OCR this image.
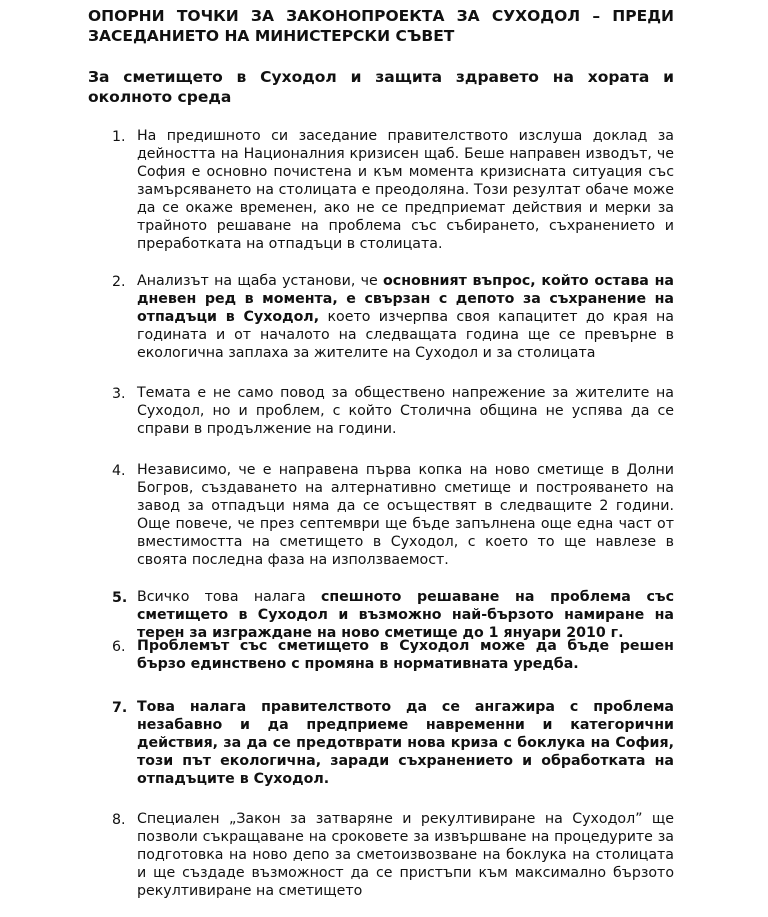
ОПОРНИ ТОЧКИ ЗА ЗАКОНОПРОЕКТА ЗА СУХОДОЛ – ПРЕДИ ЗАСЕДАНИЕТО НА МИНИСТЕРСКИ СЪВЕТ
За сметището в Суходол и защита здравето на хората и околното среда
1. На предишното си заседание правителството изслуша доклад за дейността на Националния кризисен щаб. Беше направен изводът, че София е основно почистена и към момента кризисната ситуация със замърсяването на столицата е преодоляна. Този резултат обаче може да се окаже временен, ако не се предприемат действия и мерки за трайното решаване на проблема със събирането, съхранението и преработката на отпадъци в столицата.
2. Анализът на щаба установи, че основният въпрос, който остава на дневен ред в момента, е свързан с депото за съхранение на отпадъци в Суходол, което изчерпва своя капацитет до края на годината и от началото на следващата година ще се превърне в екологична заплаха за жителите на Суходол и за столицата
3. Темата е не само повод за обществено напрежение за жителите на Суходол, но и проблем, с който Столична община не успява да се справи в продължение на години.
4. Независимо, че е направена първа копка на ново сметище в Долни Богров, създаването на алтернативно сметище и построяването на завод за отпадъци няма да се осъществят в следващите 2 години. Още повече, че през септември ще бъде запълнена още една част от вместимостта на сметището в Суходол, с което то ще навлезе в своята последна фаза на използваемост.
5. Всичко това налага спешното решаване на проблема със сметището в Суходол и възможно най-бързото намиране на терен за изграждане на ново сметище до 1 януари 2010 г.
6. Проблемът със сметището в Суходол може да бъде решен бързо единствено с промяна в нормативната уредба.
7. Това налага правителството да се ангажира с проблема незабавно и да предприеме навременни и категорични действия, за да се предотврати нова криза с боклука на София, този път екологична, заради съхранението и обработката на отпадъците в Суходол.
8. Специален „Закон за затваряне и рекултивиране на Суходол” ще позволи съкращаване на сроковете за извършване на процедурите за подготовка на ново депо за сметоизвозване на боклука на столицата и ще създаде възможност да се пристъпи към максимално бързото рекултивиране на сметището
